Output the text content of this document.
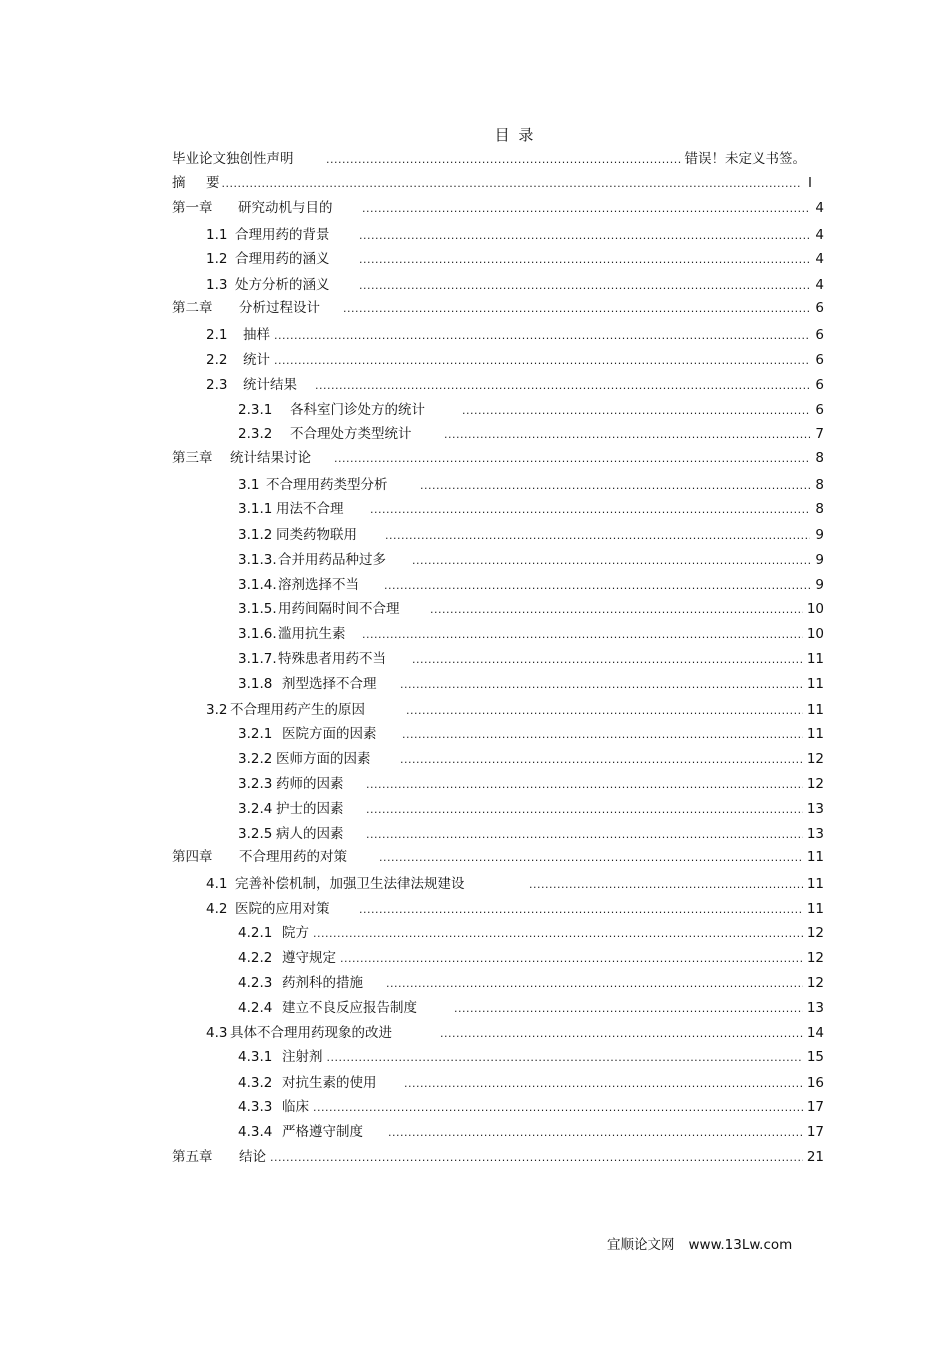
目 录
毕业论文独创性声明 .....	错误！未定义书签。
摘	要 .....	I
第一章	研究动机与目的 .....	4
1.1 合理用药的背景 .....	4
1.2 合理用药的涵义 .....	4
1.3 处方分析的涵义 .....	4
第二章	分析过程设计 .....	6
2.1	抽样 .....	6
2.2	统计 .....	6
2.3	统计结果 .....	6
2.3.1	各科室门诊处方的统计 .....	6
2.3.2	不合理处方类型统计 .....	7
第三章	统计结果讨论 .....	8
3.1 不合理用药类型分析 .....	8
3.1.1 用法不合理 .....	8
3.1.2 同类药物联用 .....	9
3.1.3. 合并用药品种过多 .....	9
3.1.4. 溶剂选择不当 .....	9
3.1.5. 用药间隔时间不合理 .....	10
3.1.6. 滥用抗生素 .....	10
3.1.7. 特殊患者用药不当 .....	11
3.1.8 剂型选择不合理 .....	11
3.2 不合理用药产生的原因 .....	11
3.2.1 医院方面的因素 .....	11
3.2.2 医师方面的因素 .....	12
3.2.3 药师的因素 .....	12
3.2.4 护士的因素 .....	13
3.2.5 病人的因素 .....	13
第四章	不合理用药的对策 .....	11
4.1 完善补偿机制，加强卫生法律法规建设 .....	11
4.2 医院的应用对策 .....	11
4.2.1 院方 .....	12
4.2.2 遵守规定 .....	12
4.2.3 药剂科的措施 .....	12
4.2.4 建立不良反应报告制度 .....	13
4.3 具体不合理用药现象的改进 .....	14
4.3.1 注射剂 .....	15
4.3.2 对抗生素的使用 .....	16
4.3.3 临床 .....	17
4.3.4 严格遵守制度 .....	17
第五章	结论 .....	21
宜顺论文网 www.13Lw.com
